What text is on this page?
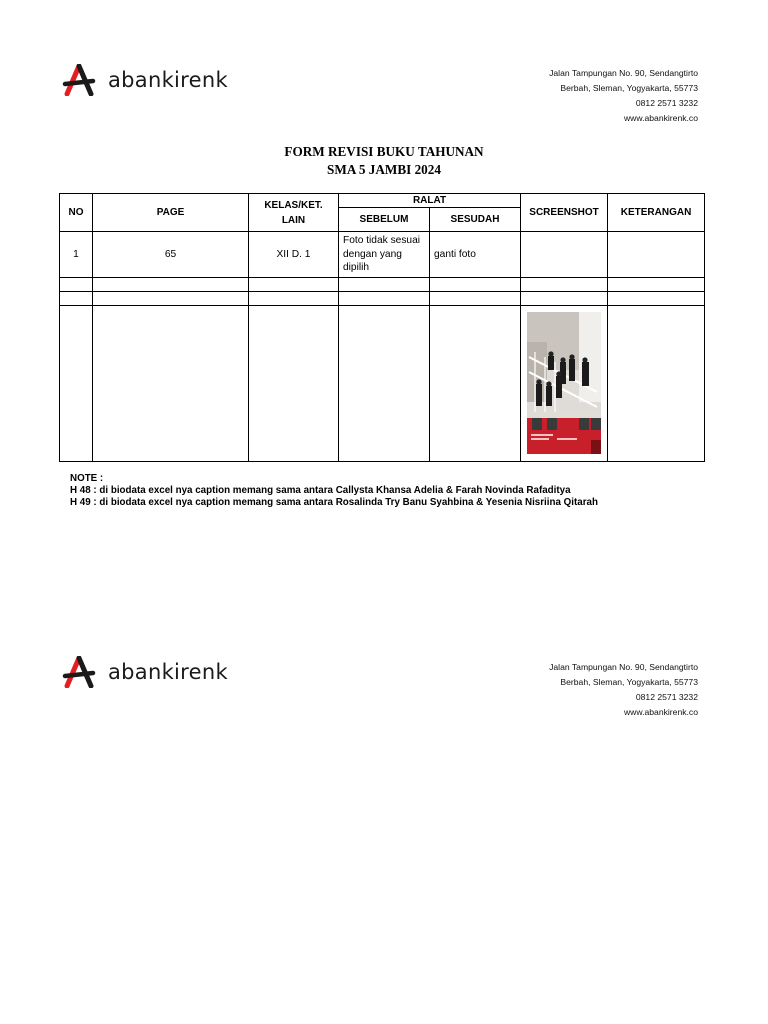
abankirenk	Jalan Tampungan No. 90, Sendangtirto
Berbah, Sleman, Yogyakarta, 55773
0812 2571 3232
www.abankirenk.co
FORM REVISI BUKU TAHUNAN
SMA 5 JAMBI 2024
NO	PAGE	KELAS/KET. LAIN	RALAT		SCREENSHOT	KETERANGAN
			SEBELUM	SESUDAH		
1	65	XII D. 1	Foto tidak sesuai dengan yang dipilih	ganti foto		

NOTE :
H 48 : di biodata excel nya caption memang sama antara Callysta Khansa Adelia & Farah Novinda Rafaditya
H 49 : di biodata excel nya caption memang sama antara Rosalinda Try Banu Syahbina & Yesenia Nisriina Qitarah
abankirenk	Jalan Tampungan No. 90, Sendangtirto
Berbah, Sleman, Yogyakarta, 55773
0812 2571 3232
www.abankirenk.co
